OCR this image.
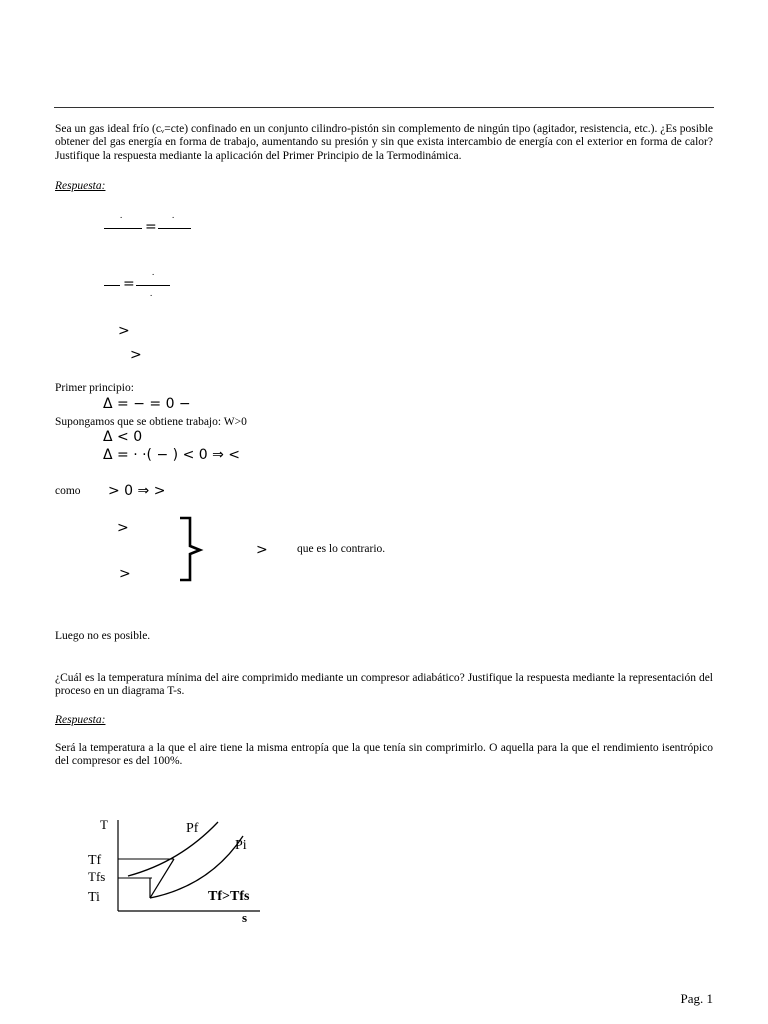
Sea un gas ideal frío (cᵥ=cte) confinado en un conjunto cilindro-pistón sin complemento de ningún tipo (agitador, resistencia, etc.). ¿Es posible obtener del gas energía en forma de trabajo, aumentando su presión y sin que exista intercambio de energía con el exterior en forma de calor? Justifique la respuesta mediante la aplicación del Primer Principio de la Termodinámica.
Respuesta:
.
=
.
=
.
.
>
>
Primer principio:
Δ = − = 0 −
Supongamos que se obtiene trabajo: W>0
Δ < 0
Δ = · ·( − ) < 0 ⇒ <
como > 0 ⇒ >
>
>
>	que es lo contrario.
Luego no es posible.
¿Cuál es la temperatura mínima del aire comprimido mediante un compresor adiabático? Justifique la respuesta mediante la representación del proceso en un diagrama T-s.
Respuesta:
Será la temperatura a la que el aire tiene la misma entropía que la que tenía sin comprimirlo. O aquella para la que el rendimiento isentrópico del compresor es del 100%.
T
s
Pf
Pi
Tf
Tfs
Ti	Tf>Tfs
Pag. 1
